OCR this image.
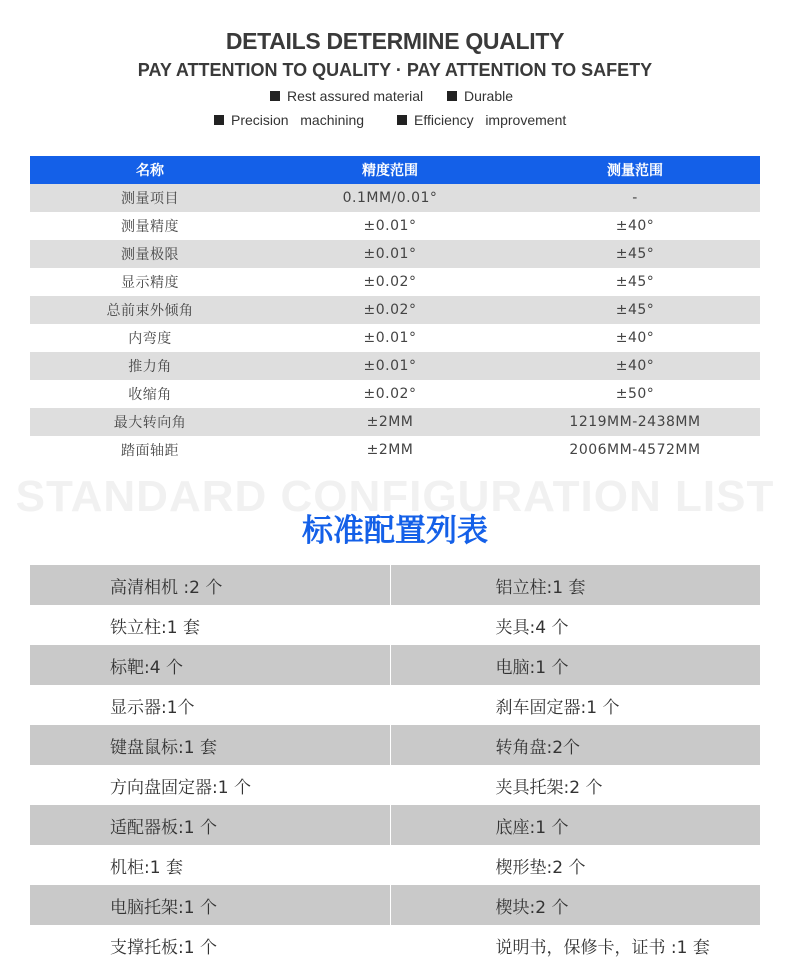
DETAILS DETERMINE QUALITY
PAY ATTENTION TO QUALITY · PAY ATTENTION TO SAFETY
Rest assured material	Durable
Precision   machining	Efficiency   improvement
名称	精度范围	测量范围
测量项目	0.1MM/0.01°	-
测量精度	±0.01°	±40°
测量极限	±0.01°	±45°
显示精度	±0.02°	±45°
总前束外倾角	±0.02°	±45°
内弯度	±0.01°	±40°
推力角	±0.01°	±40°
收缩角	±0.02°	±50°
最大转向角	±2MM	1219MM-2438MM
踏面轴距	±2MM	2006MM-4572MM
STANDARD CONFIGURATION LIST
标准配置列表
高清相机 :2 个	铝立柱:1 套
铁立柱:1 套	夹具:4 个
标靶:4 个	电脑:1 个
显示器:1个	刹车固定器:1 个
键盘鼠标:1 套	转角盘:2个
方向盘固定器:1 个	夹具托架:2 个
适配器板:1 个	底座:1 个
机柜:1 套	楔形垫:2 个
电脑托架:1 个	楔块:2 个
支撑托板:1 个	说明书，保修卡，证书 :1 套
